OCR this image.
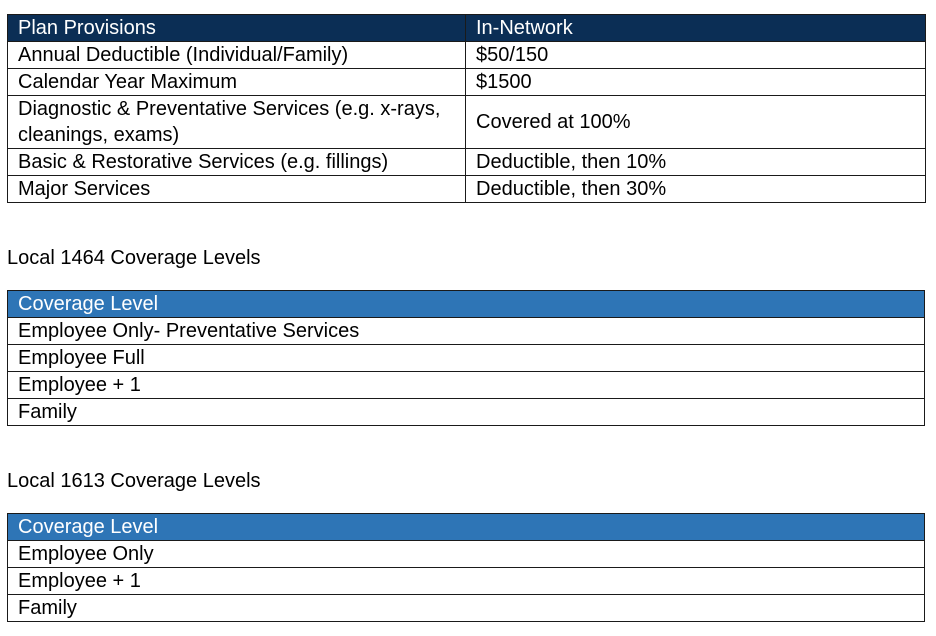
Plan Provisions	In-Network
Annual Deductible (Individual/Family)	$50/150
Calendar Year Maximum	$1500
Diagnostic & Preventative Services (e.g. x-rays, cleanings, exams)	Covered at 100%
Basic & Restorative Services (e.g. fillings)	Deductible, then 10%
Major Services	Deductible, then 30%

Local 1464 Coverage Levels

Coverage Level
Employee Only- Preventative Services
Employee Full
Employee + 1
Family

Local 1613 Coverage Levels

Coverage Level
Employee Only
Employee + 1
Family
